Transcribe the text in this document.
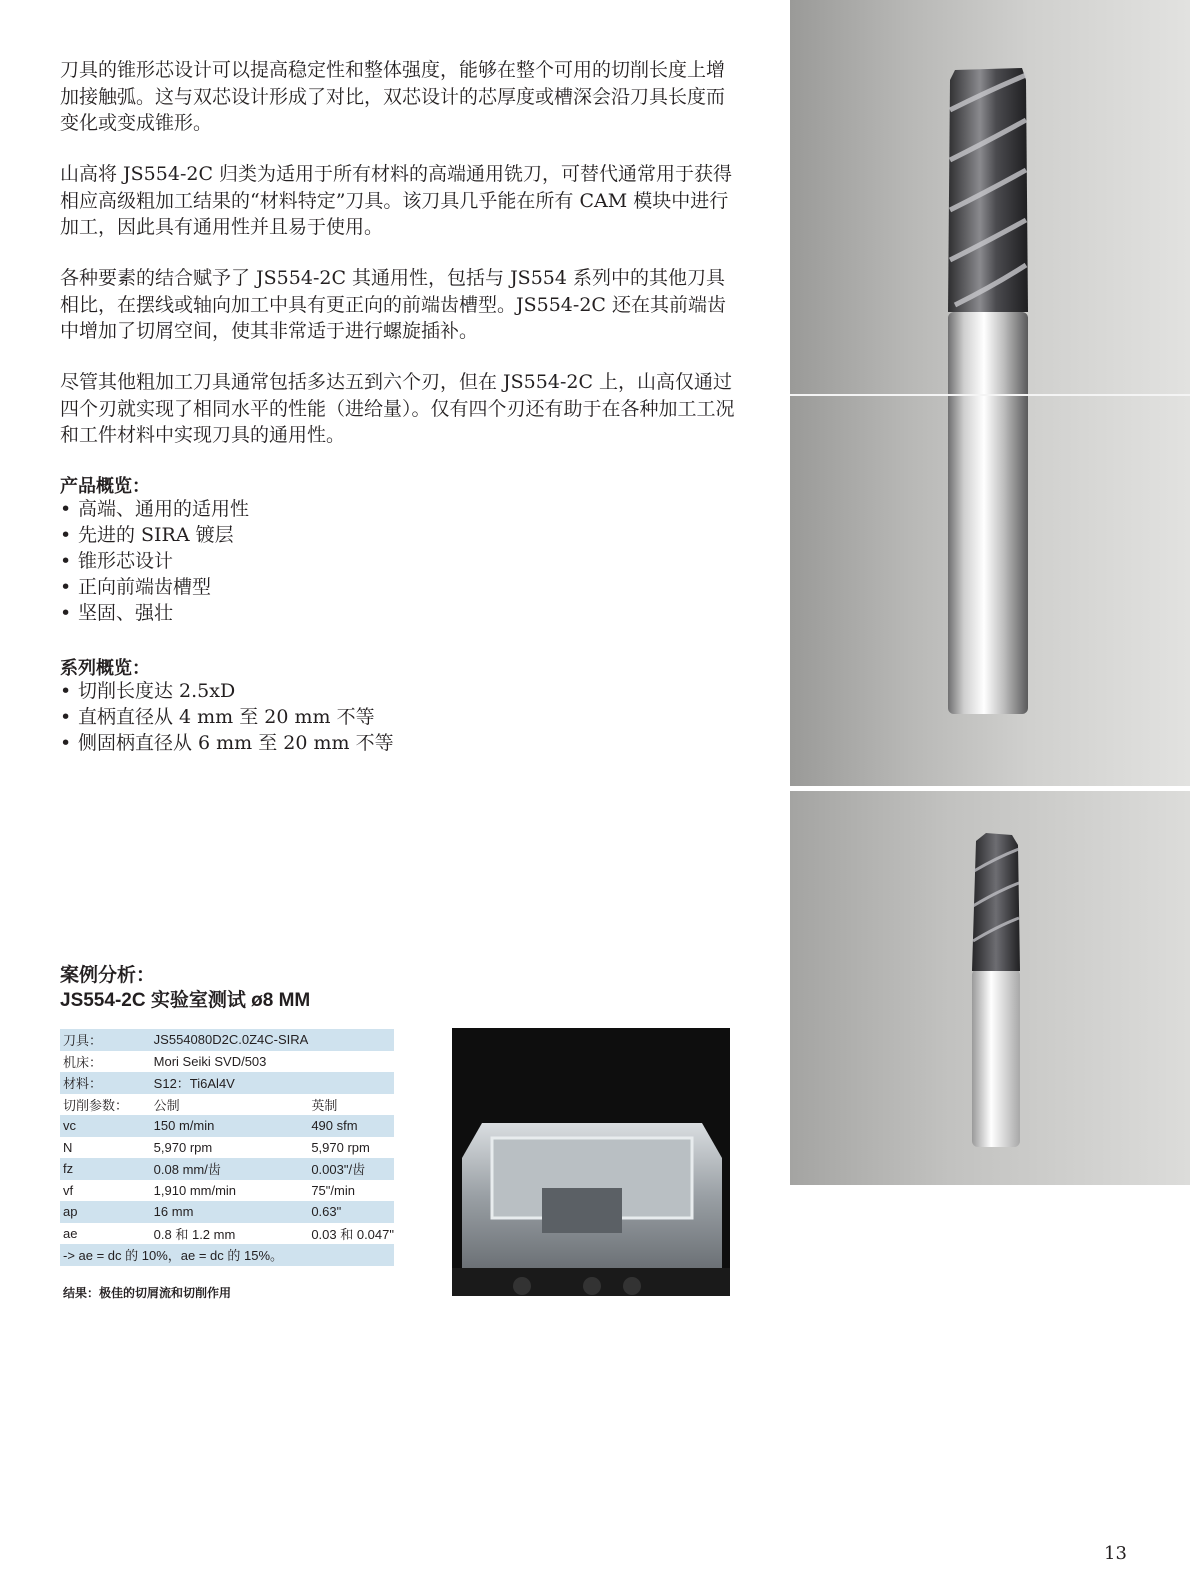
刀具的锥形芯设计可以提高稳定性和整体强度，能够在整个可用的切削长度上增加接触弧。这与双芯设计形成了对比，双芯设计的芯厚度或槽深会沿刀具长度而变化或变成锥形。

山高将 JS554-2C 归类为适用于所有材料的高端通用铣刀，可替代通常用于获得相应高级粗加工结果的“材料特定”刀具。该刀具几乎能在所有 CAM 模块中进行加工，因此具有通用性并且易于使用。

各种要素的结合赋予了 JS554-2C 其通用性，包括与 JS554 系列中的其他刀具相比，在摆线或轴向加工中具有更正向的前端齿槽型。JS554-2C 还在其前端齿中增加了切屑空间，使其非常适于进行螺旋插补。

尽管其他粗加工刀具通常包括多达五到六个刃，但在 JS554-2C 上，山高仅通过四个刃就实现了相同水平的性能（进给量）。仅有四个刃还有助于在各种加工工况和工件材料中实现刀具的通用性。

产品概览：
• 高端、通用的适用性
• 先进的 SIRA 镀层
• 锥形芯设计
• 正向前端齿槽型
• 坚固、强壮
系列概览：
• 切削长度达 2.5xD
• 直柄直径从 4 mm 至 20 mm 不等
• 侧固柄直径从 6 mm 至 20 mm 不等
案例分析：
JS554-2C 实验室测试 ø8 MM
刀具：	JS554080D2C.0Z4C-SIRA	
机床：	Mori Seiki SVD/503	
材料：	S12：Ti6Al4V	
切削参数：	公制	英制
vc	150 m/min	490 sfm
N	5,970 rpm	5,970 rpm
fz	0.08 mm/齿	0.003"/齿
vf	1,910 mm/min	75"/min
ap	16 mm	0.63"
ae	0.8 和 1.2 mm	0.03 和 0.047"
-> ae = dc 的 10%，ae = dc 的 15%。		
结果：极佳的切屑流和切削作用
13
